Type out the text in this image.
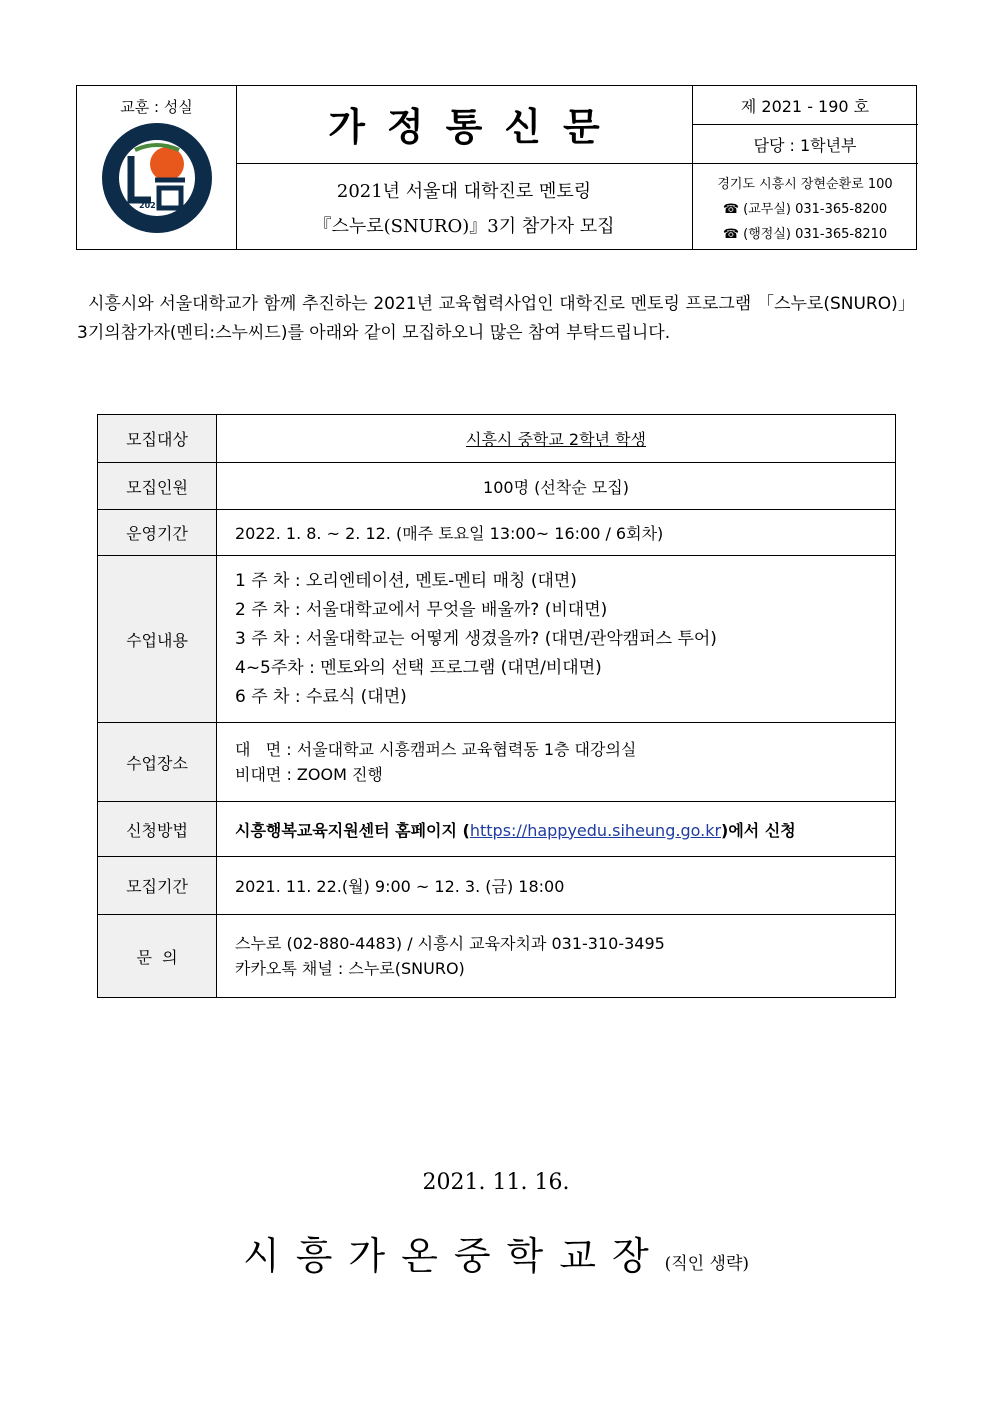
교훈 : 성실
2021
가정통신문
2021년 서울대 대학진로 멘토링
『스누로(SNURO)』3기 참가자 모집
제 2021 - 190 호
담당 : 1학년부
경기도 시흥시 장현순환로 100
☎ (교무실) 031-365-8200
☎ (행정실) 031-365-8210
시흥시와 서울대학교가 함께 추진하는 2021년 교육협력사업인 대학진로 멘토링 프로그램 「스누로(SNURO)」3기의참가자(멘티:스누씨드)를 아래와 같이 모집하오니 많은 참여 부탁드립니다.
모집대상	시흥시 중학교 2학년 학생
모집인원	100명 (선착순 모집)
운영기간	2022. 1. 8. ~ 2. 12. (매주 토요일 13:00~ 16:00 / 6회차)
수업내용	1 주 차 : 오리엔테이션, 멘토-멘티 매칭 (대면)
2 주 차 : 서울대학교에서 무엇을 배울까? (비대면)
3 주 차 : 서울대학교는 어떻게 생겼을까? (대면/관악캠퍼스 투어)
4~5주차 : 멘토와의 선택 프로그램 (대면/비대면)
6 주 차 : 수료식 (대면)

수업장소	대   면 : 서울대학교 시흥캠퍼스 교육협력동 1층 대강의실
비대면 : ZOOM 진행

신청방법	시흥행복교육지원센터 홈페이지 (https://happyedu.siheung.go.kr)에서 신청
모집기간	2021. 11. 22.(월) 9:00 ~ 12. 3. (금) 18:00
문  의	스누로 (02-880-4483) / 시흥시 교육자치과 031-310-3495
카카오톡 채널 : 스누로(SNURO)
2021. 11. 16.
시흥가온중학교장(직인 생략)
